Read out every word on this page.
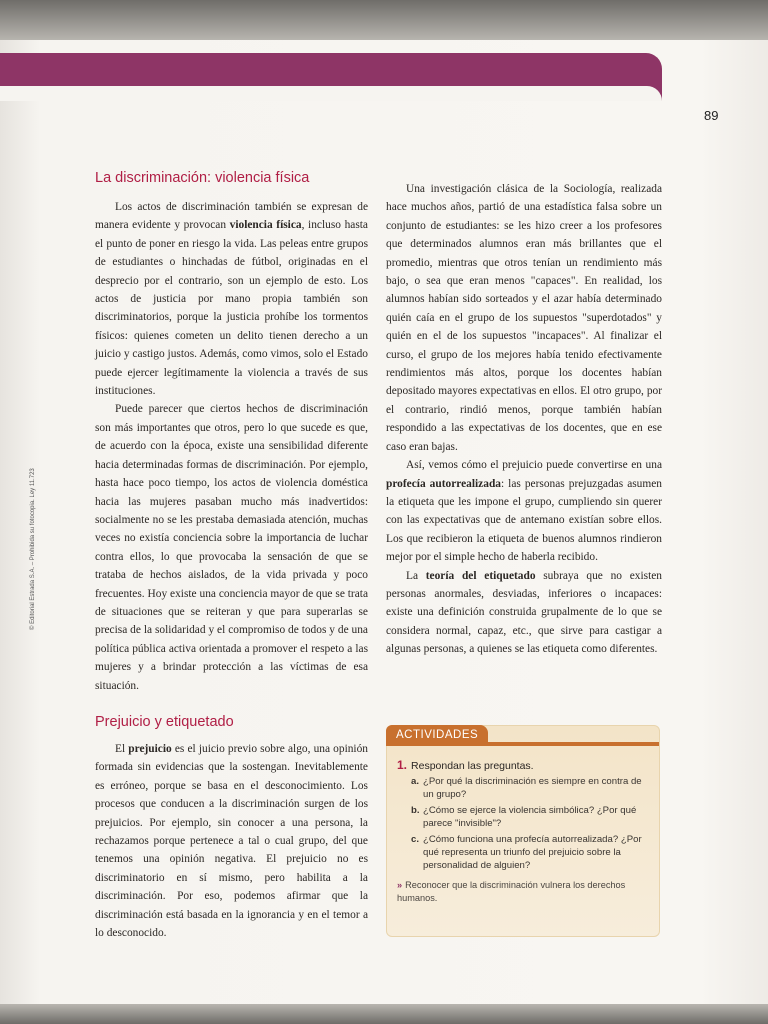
89
© Editorial Estrada S.A. – Prohibida su fotocopia. Ley 11.723
La discriminación: violencia física

Los actos de discriminación también se expresan de manera evidente y provocan violencia física, incluso hasta el punto de poner en riesgo la vida. Las peleas entre grupos de estudiantes o hinchadas de fútbol, originadas en el desprecio por el contrario, son un ejemplo de esto. Los actos de justicia por mano propia también son discriminatorios, porque la justicia prohíbe los tormentos físicos: quienes cometen un delito tienen derecho a un juicio y castigo justos. Además, como vimos, solo el Estado puede ejercer legítimamente la violencia a través de sus instituciones.

Puede parecer que ciertos hechos de discriminación son más importantes que otros, pero lo que sucede es que, de acuerdo con la época, existe una sensibilidad diferente hacia determinadas formas de discriminación. Por ejemplo, hasta hace poco tiempo, los actos de violencia doméstica hacia las mujeres pasaban mucho más inadvertidos: socialmente no se les prestaba demasiada atención, muchas veces no existía conciencia sobre la importancia de luchar contra ellos, lo que provocaba la sensación de que se trataba de hechos aislados, de la vida privada y poco frecuentes. Hoy existe una conciencia mayor de que se trata de situaciones que se reiteran y que para superarlas se precisa de la solidaridad y el compromiso de todos y de una política pública activa orientada a promover el respeto a las mujeres y a brindar protección a las víctimas de esa situación.

Prejuicio y etiquetado

El prejuicio es el juicio previo sobre algo, una opinión formada sin evidencias que la sostengan. Inevitablemente es erróneo, porque se basa en el desconocimiento. Los procesos que conducen a la discriminación surgen de los prejuicios. Por ejemplo, sin conocer a una persona, la rechazamos porque pertenece a tal o cual grupo, del que tenemos una opinión negativa. El prejuicio no es discriminatorio en sí mismo, pero habilita a la discriminación. Por eso, podemos afirmar que la discriminación está basada en la ignorancia y en el temor a lo desconocido.

Una investigación clásica de la Sociología, realizada hace muchos años, partió de una estadística falsa sobre un conjunto de estudiantes: se les hizo creer a los profesores que determinados alumnos eran más brillantes que el promedio, mientras que otros tenían un rendimiento más bajo, o sea que eran menos "capaces". En realidad, los alumnos habían sido sorteados y el azar había determinado quién caía en el grupo de los supuestos "superdotados" y quién en el de los supuestos "incapaces". Al finalizar el curso, el grupo de los mejores había tenido efectivamente rendimientos más altos, porque los docentes habían depositado mayores expectativas en ellos. El otro grupo, por el contrario, rindió menos, porque también habían respondido a las expectativas de los docentes, que en ese caso eran bajas.

Así, vemos cómo el prejuicio puede convertirse en una profecía autorrealizada: las personas prejuzgadas asumen la etiqueta que les impone el grupo, cumpliendo sin querer con las expectativas que de antemano existían sobre ellos. Los que recibieron la etiqueta de buenos alumnos rindieron mejor por el simple hecho de haberla recibido.

La teoría del etiquetado subraya que no existen personas anormales, desviadas, inferiores o incapaces: existe una definición construida grupalmente de lo que se considera normal, capaz, etc., que sirve para castigar a algunas personas, a quienes se las etiqueta como diferentes.

ACTIVIDADES
1. Respondan las preguntas.
a. ¿Por qué la discriminación es siempre en contra de un grupo?
b. ¿Cómo se ejerce la violencia simbólica? ¿Por qué parece "invisible"?
c. ¿Cómo funciona una profecía autorrealizada? ¿Por qué representa un triunfo del prejuicio sobre la personalidad de alguien?
» Reconocer que la discriminación vulnera los derechos humanos.
